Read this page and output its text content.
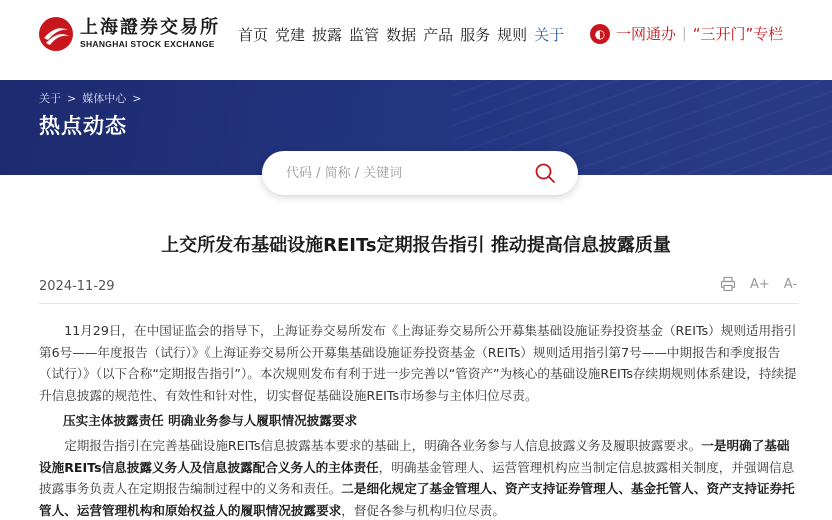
上海證券交易所
SHANGHAI STOCK EXCHANGE	首页 党建 披露 监管 数据 产品 服务 规则 关于	◐ 一网通办 | “三开门”专栏
关于 > 媒体中心 >
热点动态
代码 / 简称 / 关键词
上交所发布基础设施REITs定期报告指引 推动提高信息披露质量
2024-11-29	A+ A-
11月29日，在中国证监会的指导下，上海证券交易所发布《上海证券交易所公开募集基础设施证券投资基金（REITs）规则适用指引第6号——年度报告（试行）》《上海证券交易所公开募集基础设施证券投资基金（REITs）规则适用指引第7号——中期报告和季度报告（试行）》（以下合称“定期报告指引”）。本次规则发布有利于进一步完善以“管资产”为核心的基础设施REITs存续期规则体系建设，持续提升信息披露的规范性、有效性和针对性，切实督促基础设施REITs市场参与主体归位尽责。
压实主体披露责任 明确业务参与人履职情况披露要求
定期报告指引在完善基础设施REITs信息披露基本要求的基础上，明确各业务参与人信息披露义务及履职披露要求。一是明确了基础设施REITs信息披露义务人及信息披露配合义务人的主体责任，明确基金管理人、运营管理机构应当制定信息披露相关制度，并强调信息披露事务负责人在定期报告编制过程中的义务和责任。二是细化规定了基金管理人、资产支持证券管理人、基金托管人、资产支持证券托管人、运营管理机构和原始权益人的履职情况披露要求，督促各参与机构归位尽责。
